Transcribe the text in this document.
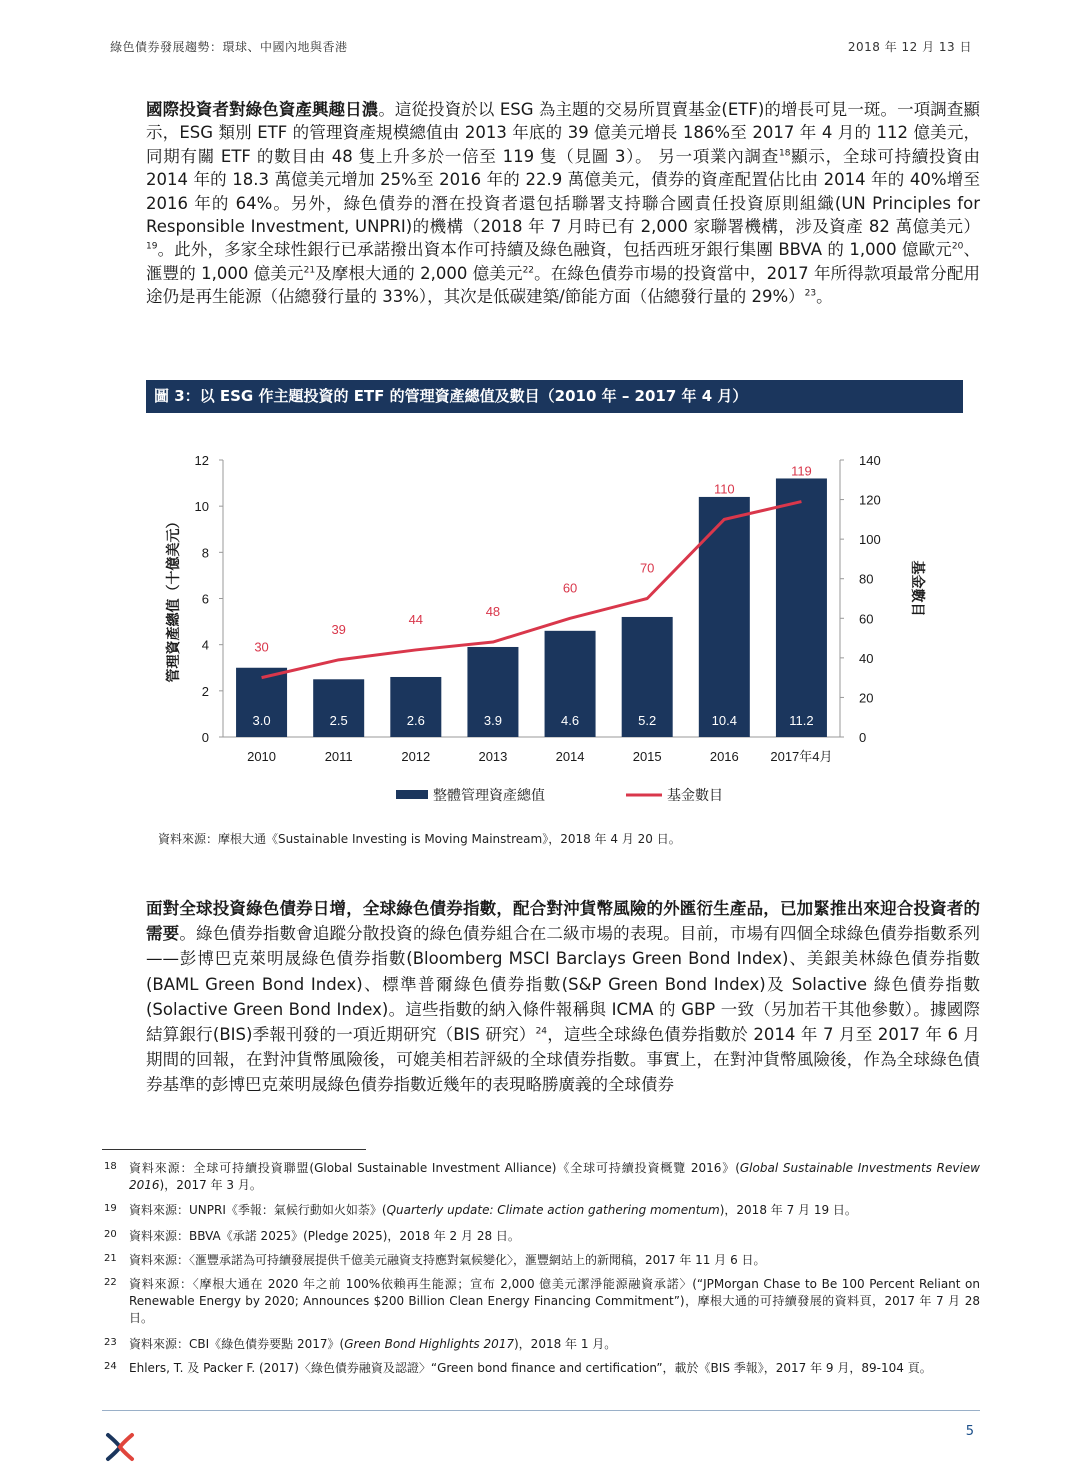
綠色債券發展趨勢：環球、中國內地與香港	2018 年 12 月 13 日
國際投資者對綠色資產興趣日濃。這從投資於以 ESG 為主題的交易所買賣基金(ETF)的增長可見一斑。一項調查顯示，ESG 類別 ETF 的管理資產規模總值由 2013 年底的 39 億美元增長 186%至 2017 年 4 月的 112 億美元，同期有關 ETF 的數目由 48 隻上升多於一倍至 119 隻（見圖 3）。 另一項業內調查$^{18}$顯示，全球可持續投資由 2014 年的 18.3 萬億美元增加 25%至 2016 年的 22.9 萬億美元，債券的資產配置佔比由 2014 年的 40%增至 2016 年的 64%。另外，綠色債券的潛在投資者還包括聯署支持聯合國責任投資原則組織(UN Principles for Responsible Investment, UNPRI)的機構（2018 年 7 月時已有 2,000 家聯署機構，涉及資產 82 萬億美元）$^{19}$。此外，多家全球性銀行已承諾撥出資本作可持續及綠色融資，包括西班牙銀行集團 BBVA 的 1,000 億歐元$^{20}$、滙豐的 1,000 億美元$^{21}$及摩根大通的 2,000 億美元$^{22}$。在綠色債券市場的投資當中，2017 年所得款項最常分配用途仍是再生能源（佔總發行量的 33%），其次是低碳建築/節能方面（佔總發行量的 29%）$^{23}$。
圖 3：以 ESG 作主題投資的 ETF 的管理資產總值及數目（2010 年 – 2017 年 4 月）
0
2
4
6
8
10
12
0
20
40
60
80
100
120
140
管理資產總值（十億美元）	基金數目
3.0	2.5	2.6	3.9	4.6	5.2	10.4	11.2
2010	2011	2012	2013	2014	2015	2016 2017年4月
30
39
44
48
60
70
110
119
整體管理資產總值	基金數目
資料來源：摩根大通《Sustainable Investing is Moving Mainstream》，2018 年 4 月 20 日。
面對全球投資綠色債券日增，全球綠色債券指數，配合對沖貨幣風險的外匯衍生產品，已加緊推出來迎合投資者的需要。綠色債券指數會追蹤分散投資的綠色債券組合在二級市場的表現。目前，市場有四個全球綠色債券指數系列——彭博巴克萊明晟綠色債券指數(Bloomberg MSCI Barclays Green Bond Index)、美銀美林綠色債券指數(BAML Green Bond Index)、標準普爾綠色債券指數(S&P Green Bond Index)及 Solactive 綠色債券指數(Solactive Green Bond Index)。這些指數的納入條件報稱與 ICMA 的 GBP 一致（另加若干其他參數）。據國際結算銀行(BIS)季報刊發的一項近期研究（BIS 研究）$^{24}$，這些全球綠色債券指數於 2014 年 7 月至 2017 年 6 月期間的回報，在對沖貨幣風險後，可媲美相若評級的全球債券指數。事實上，在對沖貨幣風險後，作為全球綠色債券基準的彭博巴克萊明晟綠色債券指數近幾年的表現略勝廣義的全球債券
18 資料來源：全球可持續投資聯盟(Global Sustainable Investment Alliance)《全球可持續投資概覽 2016》(Global Sustainable Investments Review 2016)，2017 年 3 月。
19 資料來源：UNPRI《季報：氣候行動如火如荼》(Quarterly update: Climate action gathering momentum)，2018 年 7 月 19 日。
20 資料來源：BBVA《承諾 2025》(Pledge 2025)，2018 年 2 月 28 日。
21 資料來源：〈滙豐承諾為可持續發展提供千億美元融資支持應對氣候變化〉，滙豐網站上的新聞稿，2017 年 11 月 6 日。
22 資料來源：〈摩根大通在 2020 年之前 100%依賴再生能源；宣布 2,000 億美元潔淨能源融資承諾〉(“JPMorgan Chase to Be 100 Percent Reliant on Renewable Energy by 2020; Announces $200 Billion Clean Energy Financing Commitment”)，摩根大通的可持續發展的資料頁，2017 年 7 月 28 日。
23 資料來源：CBI《綠色債券要點 2017》(Green Bond Highlights 2017)，2018 年 1 月。
24 Ehlers, T. 及 Packer F. (2017)〈綠色債券融資及認證〉“Green bond finance and certification”，載於《BIS 季報》，2017 年 9 月，89-104 頁。
5
